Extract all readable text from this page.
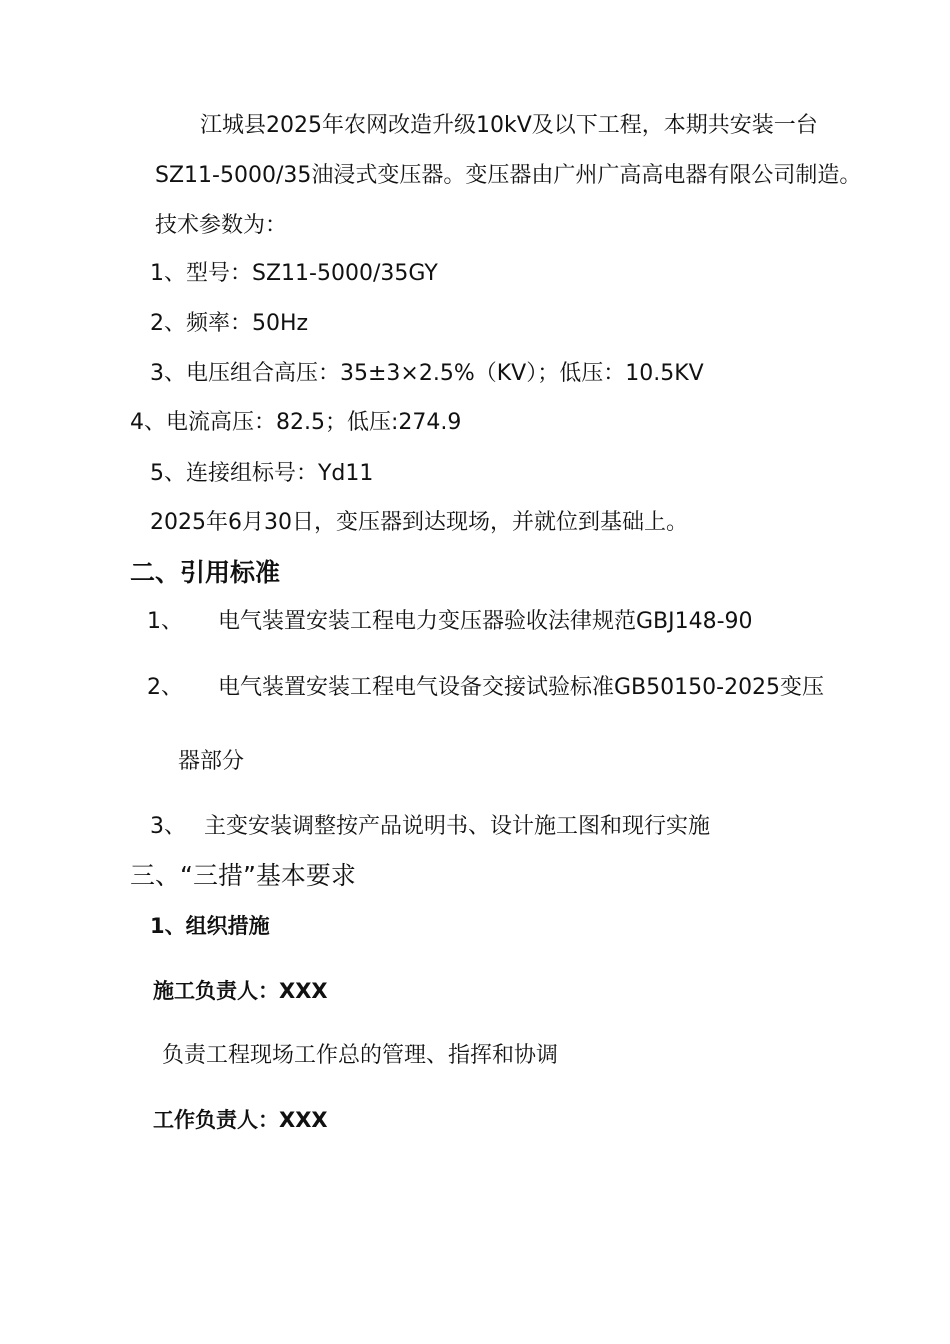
江城县2025年农网改造升级10kV及以下工程，本期共安装一台
SZ11-5000/35油浸式变压器。变压器由广州广高高电器有限公司制造。
技术参数为：
1、型号：SZ11-5000/35GY
2、频率：50Hz
3、电压组合高压：35±3×2.5%（KV）；低压：10.5KV
4、电流高压：82.5；低压:274.9
5、连接组标号：Yd11
2025年6月30日，变压器到达现场，并就位到基础上。
二、引用标准
1、 电气装置安装工程电力变压器验收法律规范GBJ148-90
2、 电气装置安装工程电气设备交接试验标准GB50150-2025变压
器部分
3、 主变安装调整按产品说明书、设计施工图和现行实施
三、“三措”基本要求
1、组织措施
施工负责人：XXX
负责工程现场工作总的管理、指挥和协调
工作负责人：XXX
